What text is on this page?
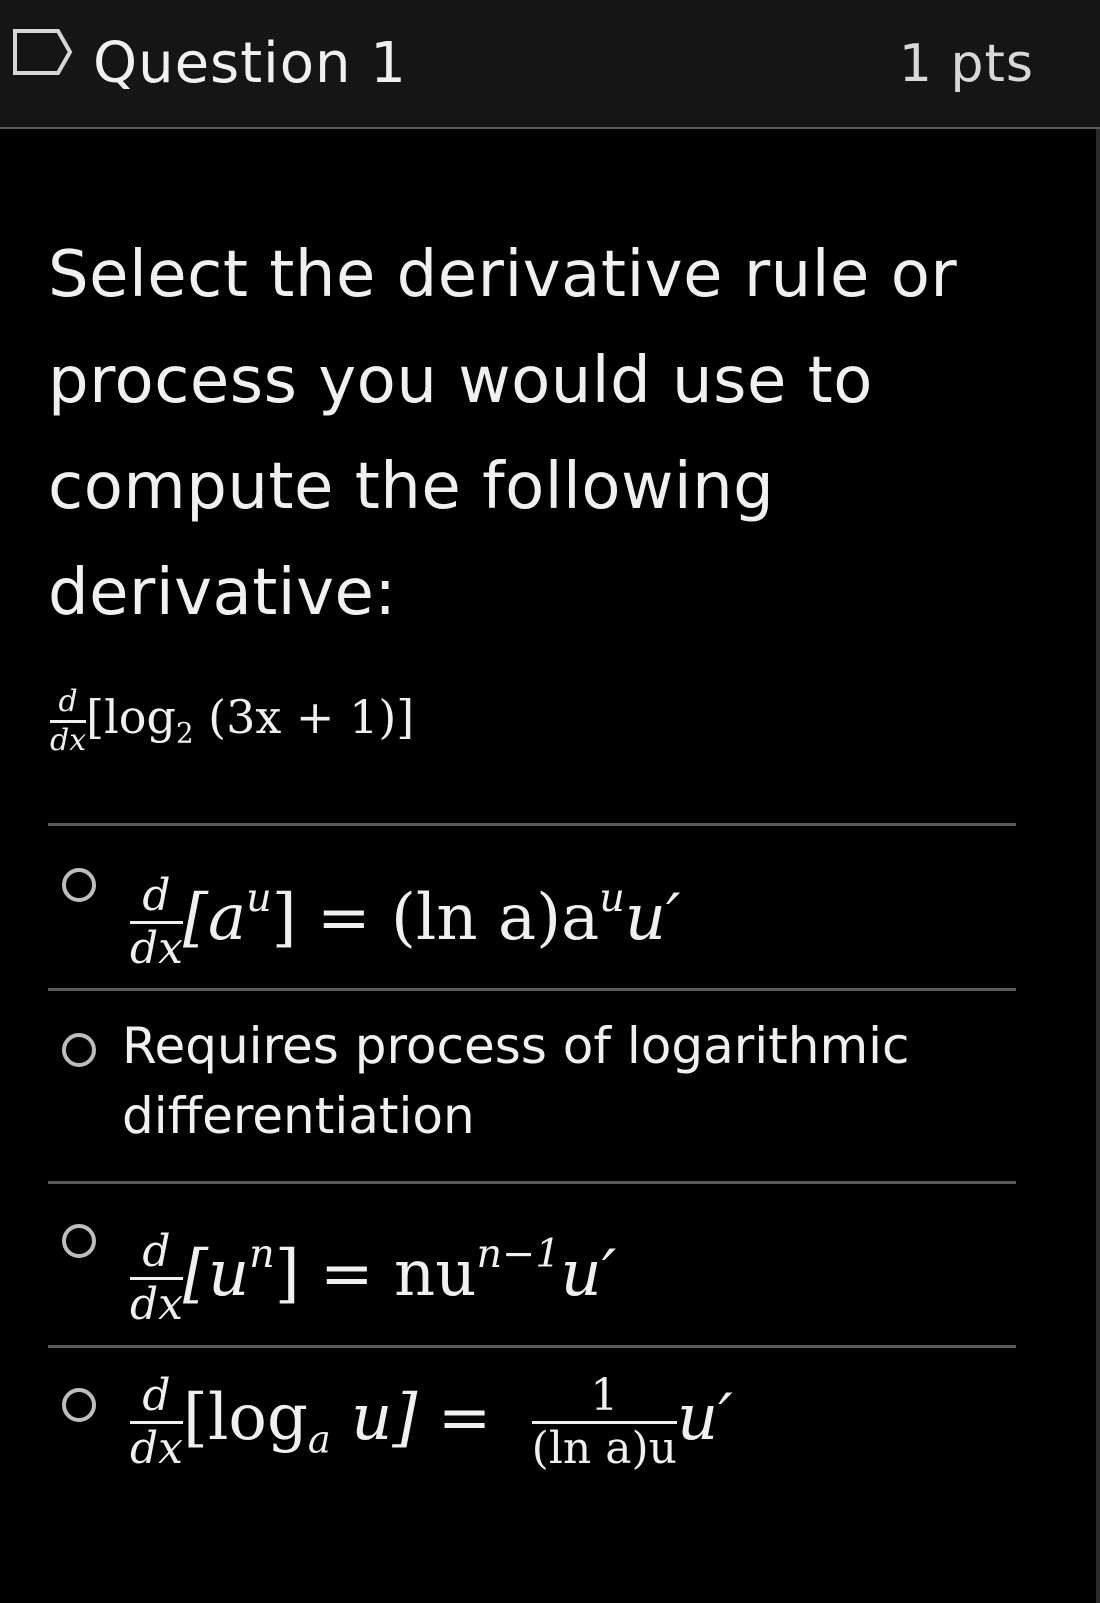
Question 1	1 pts
Select the derivative rule or process you would use to compute the following derivative:
$\frac{d}{dx} [\log_2$ (3x + 1)]
$\frac{d}{dx} [a^u] = (\ln$ $a)a^uu'$
Requires process of logarithmic differentiation
$\frac{d}{dx} [u^n] = nu^{n-1}u'$
$\frac{d}{dx} [\log_a$ $u] = \frac{1}{\text{(ln a)u}} u'$
